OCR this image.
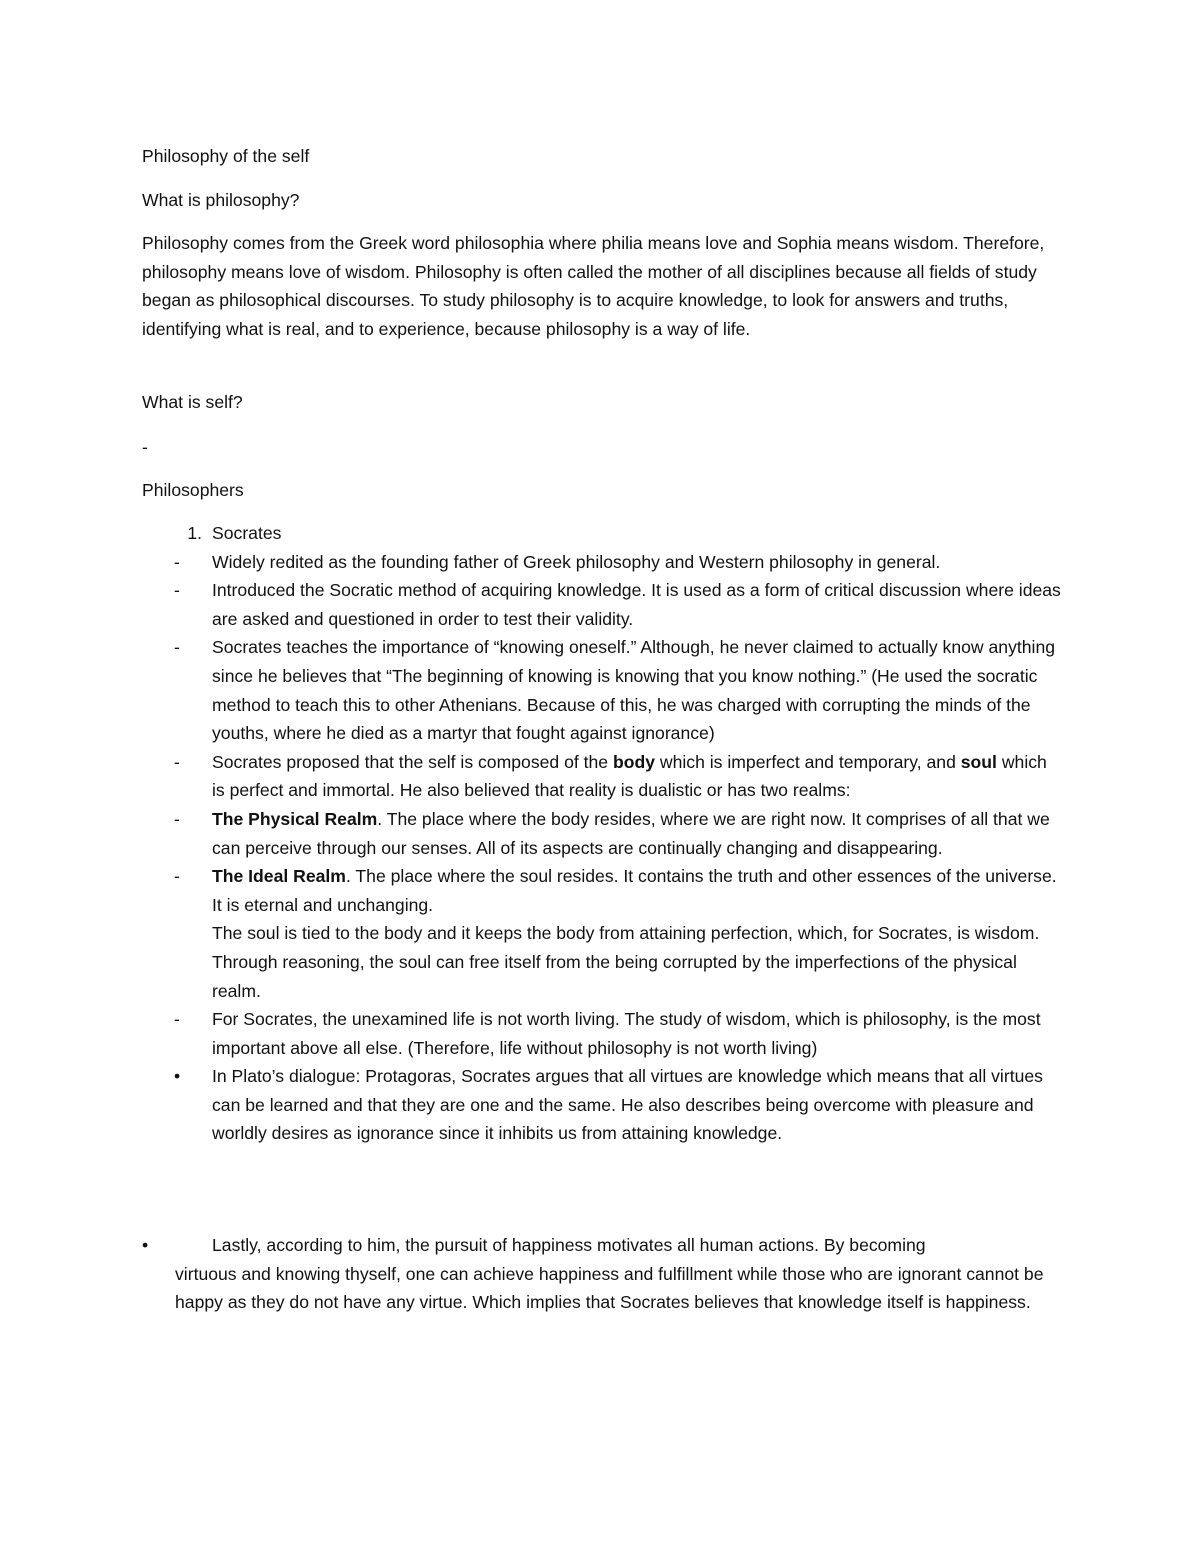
Philosophy of the self

What is philosophy?

Philosophy comes from the Greek word philosophia where philia means love and Sophia means wisdom. Therefore, philosophy means love of wisdom. Philosophy is often called the mother of all disciplines because all fields of study began as philosophical discourses. To study philosophy is to acquire knowledge, to look for answers and truths, identifying what is real, and to experience, because philosophy is a way of life.

What is self?

-

Philosophers

1. Socrates
-	Widely redited as the founding father of Greek philosophy and Western philosophy in general.
-	Introduced the Socratic method of acquiring knowledge. It is used as a form of critical discussion where ideas are asked and questioned in order to test their validity.
-	Socrates teaches the importance of “knowing oneself.” Although, he never claimed to actually know anything since he believes that “The beginning of knowing is knowing that you know nothing.” (He used the socratic method to teach this to other Athenians. Because of this, he was charged with corrupting the minds of the youths, where he died as a martyr that fought against ignorance)
-	Socrates proposed that the self is composed of the body which is imperfect and temporary, and soul which is perfect and immortal. He also believed that reality is dualistic or has two realms:
-	The Physical Realm. The place where the body resides, where we are right now. It comprises of all that we can perceive through our senses. All of its aspects are continually changing and disappearing.
-	The Ideal Realm. The place where the soul resides. It contains the truth and other essences of the universe. It is eternal and unchanging.
The soul is tied to the body and it keeps the body from attaining perfection, which, for Socrates, is wisdom.
Through reasoning, the soul can free itself from the being corrupted by the imperfections of the physical realm.
-	For Socrates, the unexamined life is not worth living. The study of wisdom, which is philosophy, is the most important above all else. (Therefore, life without philosophy is not worth living)
•	In Plato’s dialogue: Protagoras, Socrates argues that all virtues are knowledge which means that all virtues can be learned and that they are one and the same. He also describes being overcome with pleasure and worldly desires as ignorance since it inhibits us from attaining knowledge.
•	Lastly, according to him, the pursuit of happiness motivates all human actions. By becoming
virtuous and knowing thyself, one can achieve happiness and fulfillment while those who are ignorant cannot be happy as they do not have any virtue. Which implies that Socrates believes that knowledge itself is happiness.
